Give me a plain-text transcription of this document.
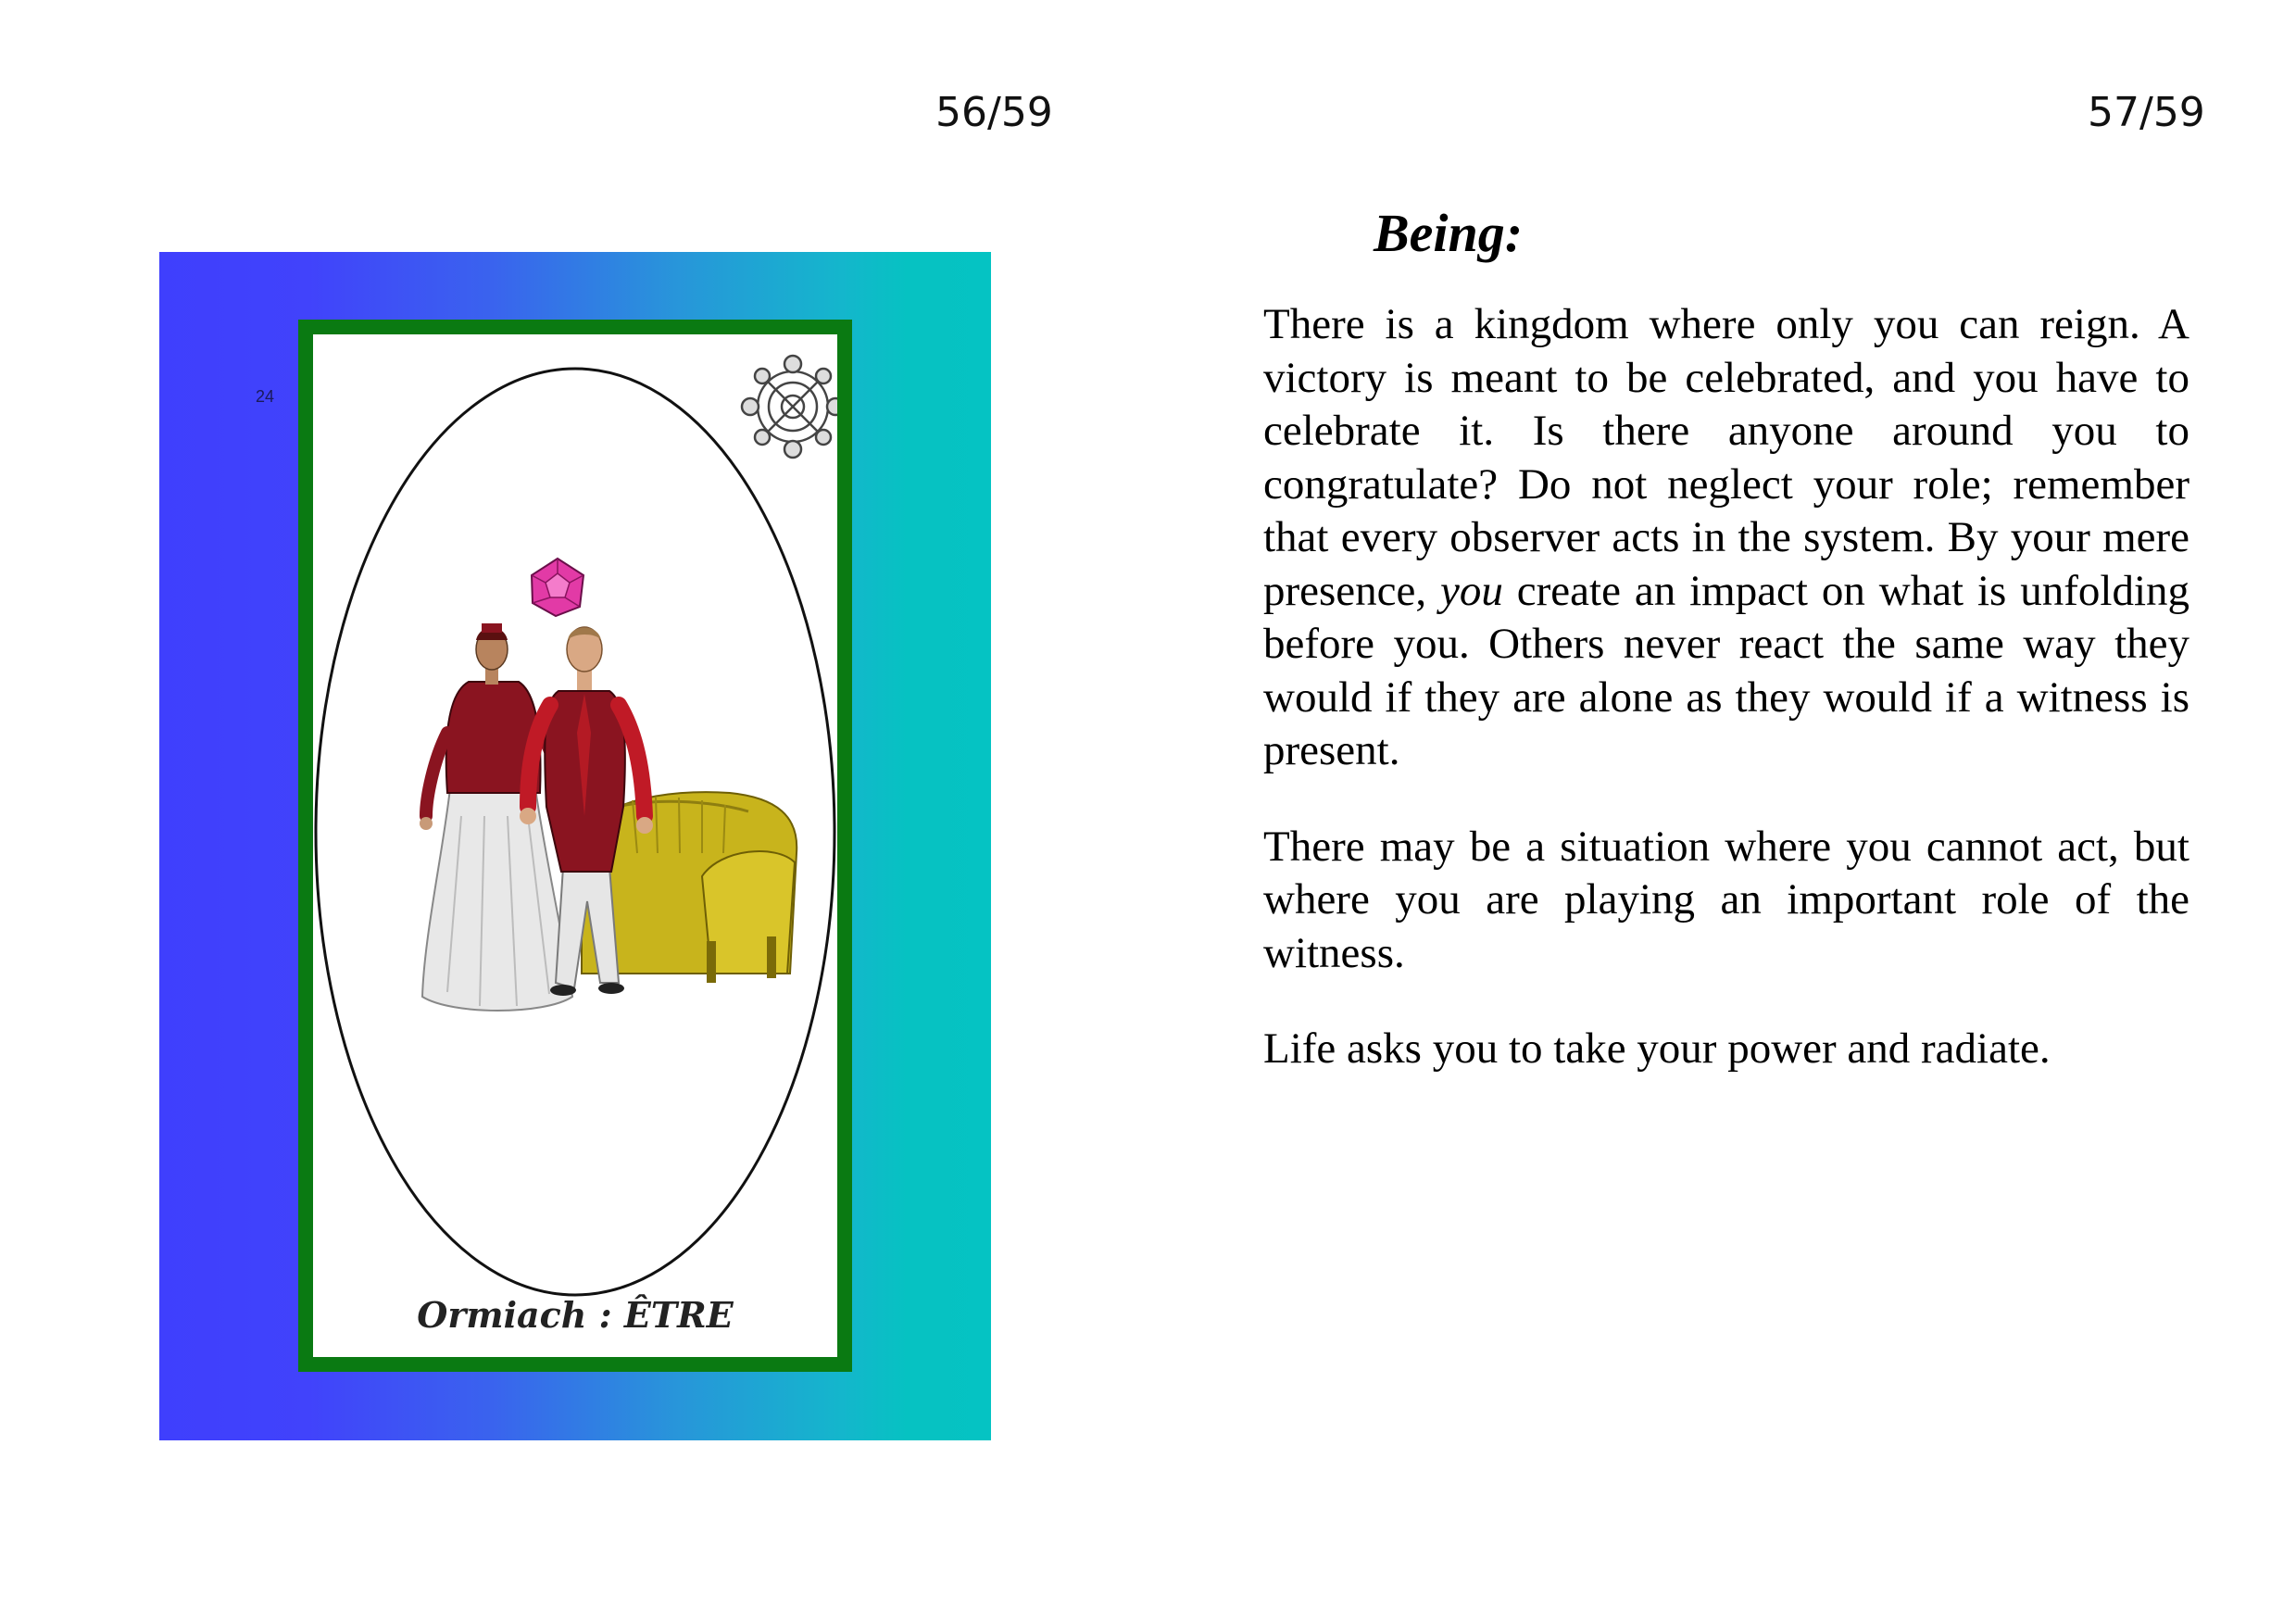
56/59	57/59
24
Ormiach : ÊTRE
Being:

There is a kingdom where only you can reign. A victory is meant to be celebrated, and you have to celebrate it. Is there anyone around you to congratulate? Do not neglect your role; remember that every observer acts in the system. By your mere presence, you create an impact on what is unfolding before you. Others never react the same way they would if they are alone as they would if a witness is present.

There may be a situation where you cannot act, but where you are playing an important role of the witness.

Life asks you to take your power and radiate.
